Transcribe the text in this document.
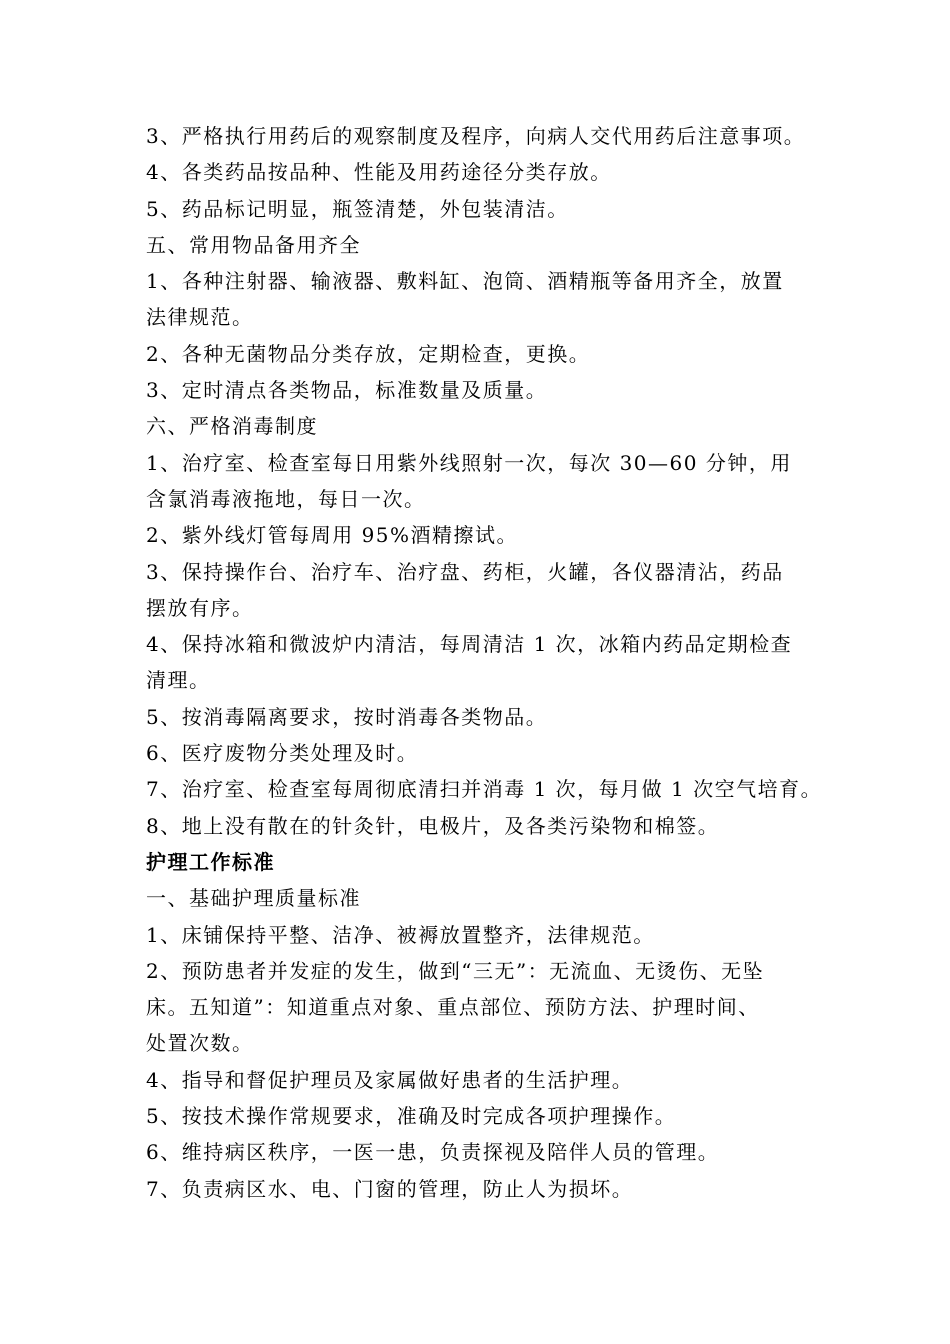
3、严格执行用药后的观察制度及程序，向病人交代用药后注意事项。
4、各类药品按品种、性能及用药途径分类存放。
5、药品标记明显，瓶签清楚，外包装清洁。
五、常用物品备用齐全
1、各种注射器、输液器、敷料缸、泡筒、酒精瓶等备用齐全，放置
法律规范。
2、各种无菌物品分类存放，定期检查，更换。
3、定时清点各类物品，标准数量及质量。
六、严格消毒制度
1、治疗室、检查室每日用紫外线照射一次，每次 30—60 分钟，用
含氯消毒液拖地，每日一次。
2、紫外线灯管每周用 95%酒精擦试。
3、保持操作台、治疗车、治疗盘、药柜，火罐，各仪器清沾，药品
摆放有序。
4、保持冰箱和微波炉内清洁，每周清洁 1 次，冰箱内药品定期检查
清理。
5、按消毒隔离要求，按时消毒各类物品。
6、医疗废物分类处理及时。
7、治疗室、检查室每周彻底清扫并消毒 1 次，每月做 1 次空气培育。
8、地上没有散在的针灸针，电极片，及各类污染物和棉签。
护理工作标准
一、基础护理质量标准
1、床铺保持平整、洁净、被褥放置整齐，法律规范。
2、预防患者并发症的发生，做到“三无”：无流血、无烫伤、无坠
床。五知道”：知道重点对象、重点部位、预防方法、护理时间、
处置次数。
4、指导和督促护理员及家属做好患者的生活护理。
5、按技术操作常规要求，准确及时完成各项护理操作。
6、维持病区秩序，一医一患，负责探视及陪伴人员的管理。
7、负责病区水、电、门窗的管理，防止人为损坏。
